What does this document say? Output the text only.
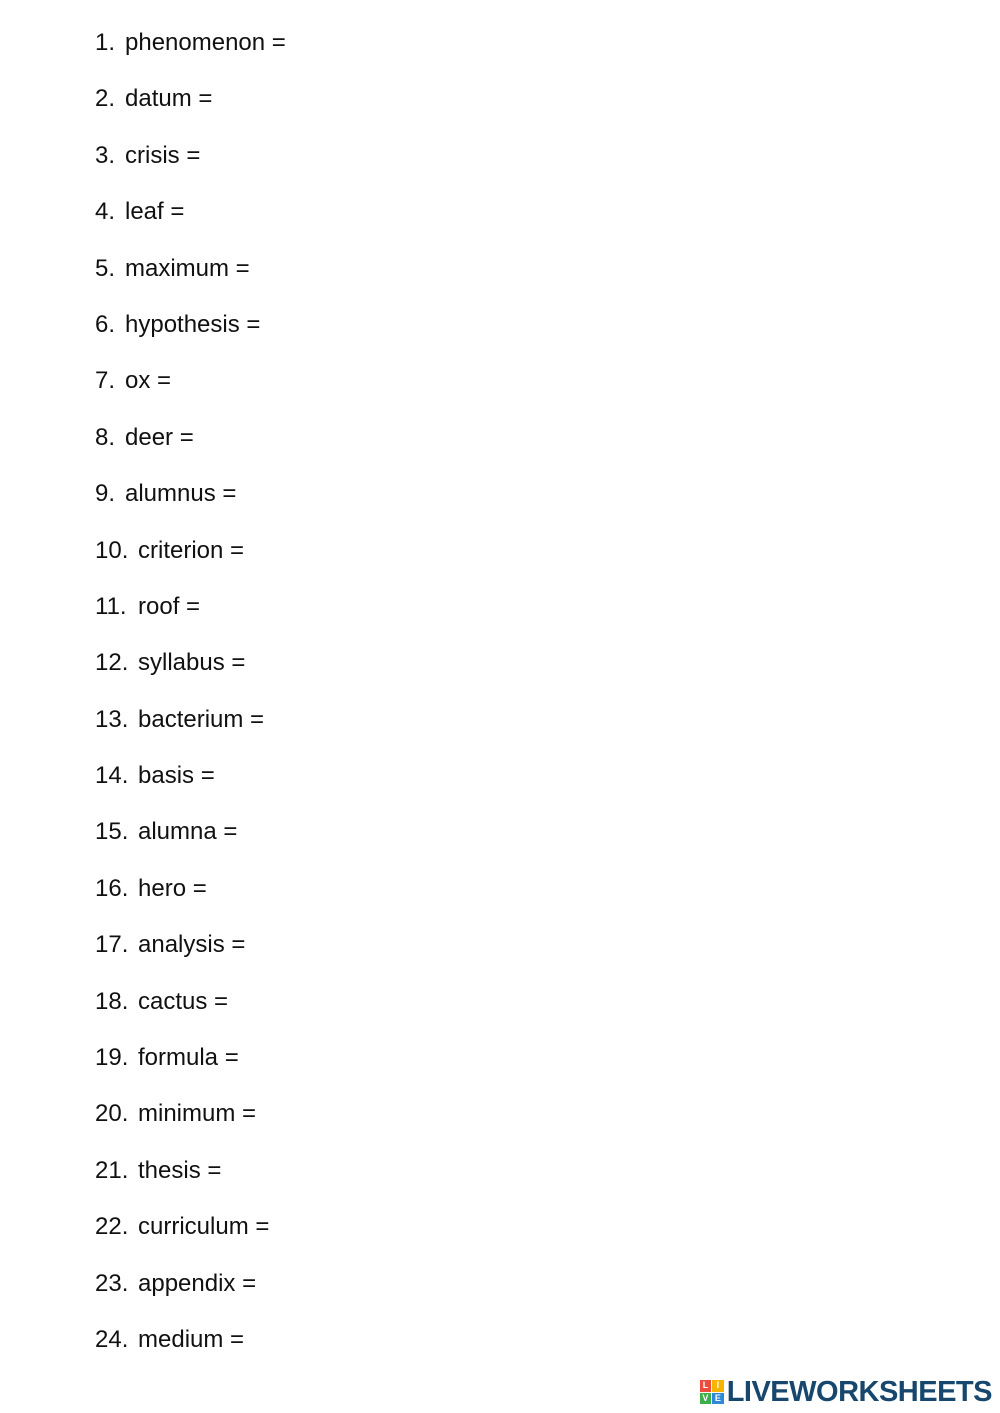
1. phenomenon =
2. datum =
3. crisis =
4. leaf =
5. maximum =
6. hypothesis =
7. ox =
8. deer =
9. alumnus =
10. criterion =
11. roof =
12. syllabus =
13. bacterium =
14. basis =
15. alumna =
16. hero =
17. analysis =
18. cactus =
19. formula =
20. minimum =
21. thesis =
22. curriculum =
23. appendix =
24. medium =
L I
V E LIVEWORKSHEETS
